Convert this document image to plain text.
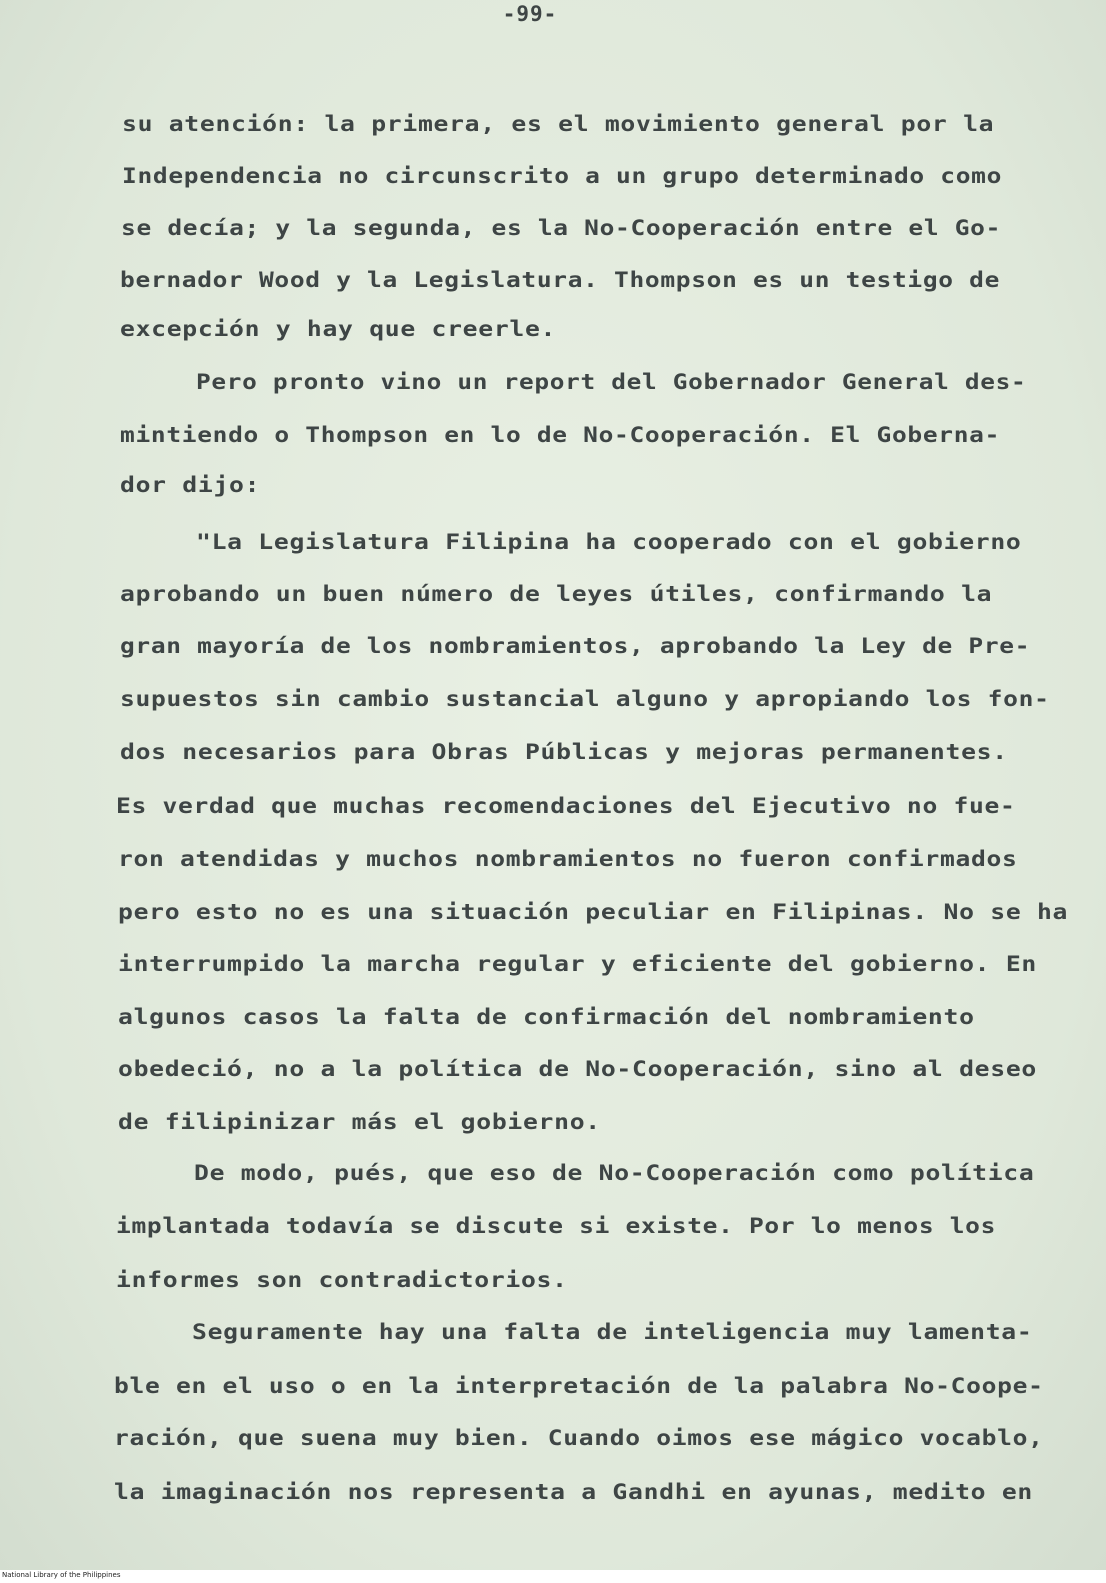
-99-

su atención: la primera, es el movimiento general por la

Independencia no circunscrito a un grupo determinado como

se decía; y la segunda, es la No-Cooperación entre el Go-

bernador Wood y la Legislatura. Thompson es un testigo de

excepción y hay que creerle.

Pero pronto vino un report del Gobernador General des-

mintiendo o Thompson en lo de No-Cooperación. El Goberna-

dor dijo:

"La Legislatura Filipina ha cooperado con el gobierno

aprobando un buen número de leyes útiles, confirmando la

gran mayoría de los nombramientos, aprobando la Ley de Pre-

supuestos sin cambio sustancial alguno y apropiando los fon-

dos necesarios para Obras Públicas y mejoras permanentes.

Es verdad que muchas recomendaciones del Ejecutivo no fue-

ron atendidas y muchos nombramientos no fueron confirmados

pero esto no es una situación peculiar en Filipinas. No se ha

interrumpido la marcha regular y eficiente del gobierno. En

algunos casos la falta de confirmación del nombramiento

obedeció, no a la política de No-Cooperación, sino al deseo

de filipinizar más el gobierno.

De modo, pués, que eso de No-Cooperación como política

implantada todavía se discute si existe. Por lo menos los

informes son contradictorios.

Seguramente hay una falta de inteligencia muy lamenta-

ble en el uso o en la interpretación de la palabra No-Coope-

ración, que suena muy bien. Cuando oimos ese mágico vocablo,

la imaginación nos representa a Gandhi en ayunas, medito en

National Library of the Philippines
